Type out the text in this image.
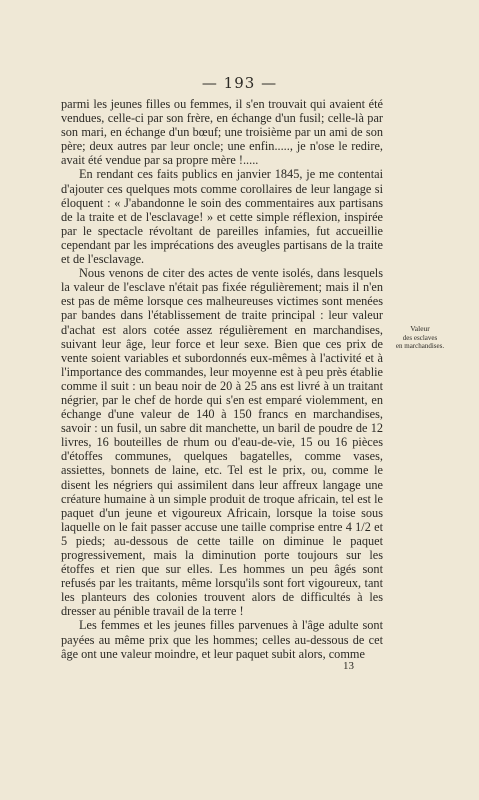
— 193 —

parmi les jeunes filles ou femmes, il s'en trouvait qui avaient été vendues, celle-ci par son frère, en échange d'un fusil; celle-là par son mari, en échange d'un bœuf; une troisième par un ami de son père; deux autres par leur oncle; une enfin....., je n'ose le redire, avait été vendue par sa propre mère !.....

En rendant ces faits publics en janvier 1845, je me contentai d'ajouter ces quelques mots comme corollaires de leur langage si éloquent : « J'abandonne le soin des commentaires aux partisans de la traite et de l'esclavage! » et cette simple réflexion, inspirée par le spectacle révoltant de pareilles infamies, fut accueillie cependant par les imprécations des aveugles partisans de la traite et de l'esclavage.

Nous venons de citer des actes de vente isolés, dans lesquels la valeur de l'esclave n'était pas fixée régulièrement; mais il n'en est pas de même lorsque ces malheureuses victimes sont menées par bandes dans l'établissement de traite principal : leur valeur d'achat est alors cotée assez régulièrement en marchandises, suivant leur âge, leur force et leur sexe. Bien que ces prix de vente soient variables et subordonnés eux-mêmes à l'activité et à l'importance des commandes, leur moyenne est à peu près établie comme il suit : un beau noir de 20 à 25 ans est livré à un traitant négrier, par le chef de horde qui s'en est emparé violemment, en échange d'une valeur de 140 à 150 francs en marchandises, savoir : un fusil, un sabre dit manchette, un baril de poudre de 12 livres, 16 bouteilles de rhum ou d'eau-de-vie, 15 ou 16 pièces d'étoffes communes, quelques bagatelles, comme vases, assiettes, bonnets de laine, etc. Tel est le prix, ou, comme le disent les négriers qui assimilent dans leur affreux langage une créature humaine à un simple produit de troque africain, tel est le paquet d'un jeune et vigoureux Africain, lorsque la toise sous laquelle on le fait passer accuse une taille comprise entre 4 1/2 et 5 pieds; au-dessous de cette taille on diminue le paquet progressivement, mais la diminution porte toujours sur les étoffes et rien que sur elles. Les hommes un peu âgés sont refusés par les traitants, même lorsqu'ils sont fort vigoureux, tant les planteurs des colonies trouvent alors de difficultés à les dresser au pénible travail de la terre !

Les femmes et les jeunes filles parvenues à l'âge adulte sont payées au même prix que les hommes; celles au-dessous de cet âge ont une valeur moindre, et leur paquet subit alors, comme

Valeur
des esclaves
en marchandises.
13
